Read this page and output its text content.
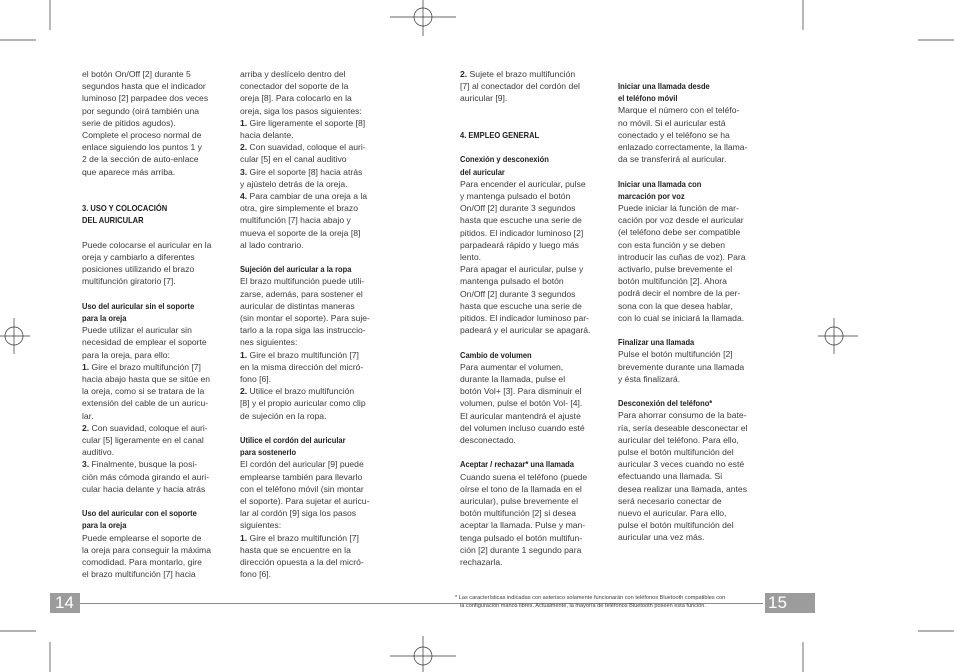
el botón On/Off [2] durante 5

segundos hasta que el indicador

luminoso [2] parpadee dos veces

por segundo (oirá también una

serie de pitidos agudos).

Complete el proceso normal de

enlace siguiendo los puntos 1 y

2 de la sección de auto-enlace

que aparece más arriba.

3. USO Y COLOCACIÓN
DEL AURICULAR

Puede colocarse el auricular en la

oreja y cambiarlo a diferentes

posiciones utilizando el brazo

multifunción giratorio [7].

Uso del auricular sin el soporte
para la oreja

Puede utilizar el auricular sin

necesidad de emplear el soporte

para la oreja, para ello:

1. Gire el brazo multifunción [7]

hacia abajo hasta que se sitúe en

la oreja, como si se tratara de la

extensión del cable de un auricu-

lar.

2. Con suavidad, coloque el auri-

cular [5] ligeramente en el canal

auditivo.

3. Finalmente, busque la posi-

ción más cómoda girando el auri-

cular hacia delante y hacia atrás

Uso del auricular con el soporte
para la oreja

Puede emplearse el soporte de

la oreja para conseguir la máxima

comodidad. Para montarlo, gire

el brazo multifunción [7] hacia

arriba y deslícelo dentro del

conectador del soporte de la

oreja [8]. Para colocarlo en la

oreja, siga los pasos siguientes:

1. Gire ligeramente el soporte [8]

hacia delante.

2. Con suavidad, coloque el auri-

cular [5] en el canal auditivo

3. Gire el soporte [8] hacia atrás

y ajústelo detrás de la oreja.

4. Para cambiar de una oreja a la

otra, gire simplemente el brazo

multifunción [7] hacia abajo y

mueva el soporte de la oreja [8]

al lado contrario.

Sujeción del auricular a la ropa

El brazo multifunción puede utili-

zarse, además, para sostener el

auricular de distintas maneras

(sin montar el soporte). Para suje-

tarlo a la ropa siga las instruccio-

nes siguientes:

1. Gire el brazo multifunción [7]

en la misma dirección del micró-

fono [6].

2. Utilice el brazo multifunción

[8] y el propio auricular como clip

de sujeción en la ropa.

Utilice el cordón del auricular
para sostenerlo

El cordón del auricular [9] puede

emplearse también para llevarlo

con el teléfono móvil (sin montar

el soporte). Para sujetar el auricu-

lar al cordón [9] siga los pasos

siguientes:

1. Gire el brazo multifunción [7]

hasta que se encuentre en la

dirección opuesta a la del micró-

fono [6].

2. Sujete el brazo multifunción

[7] al conectador del cordón del

auricular [9].

4. EMPLEO GENERAL
Conexión y desconexión
del auricular

Para encender el auricular, pulse

y mantenga pulsado el botón

On/Off [2] durante 3 segundos

hasta que escuche una serie de

pitidos. El indicador luminoso [2]

parpadeará rápido y luego más

lento.

Para apagar el auricular, pulse y

mantenga pulsado el botón

On/Off [2] durante 3 segundos

hasta que escuche una serie de

pitidos. El indicador luminoso par-

padeará y el auricular se apagará.

Cambio de volumen

Para aumentar el volumen,

durante la llamada, pulse el

botón Vol+ [3]. Para disminuir el

volumen, pulse el botón Vol- [4].

El auricular mantendrá el ajuste

del volumen incluso cuando esté

desconectado.

Aceptar / rechazar* una llamada

Cuando suena el teléfono (puede

oírse el tono de la llamada en el

auricular), pulse brevemente el

botón multifunción [2] si desea

aceptar la llamada. Pulse y man-

tenga pulsado el botón multifun-

ción [2] durante 1 segundo para

rechazarla.

Iniciar una llamada desde
el teléfono móvil

Marque el número con el teléfo-

no móvil. Si el auricular está

conectado y el teléfono se ha

enlazado correctamente, la llama-

da se transferirá al auricular.

Iniciar una llamada con
marcación por voz

Puede iniciar la función de mar-

cación por voz desde el auricular

(el teléfono debe ser compatible

con esta función y se deben

introducir las cuñas de voz). Para

activarlo, pulse brevemente el

botón multifunción [2]. Ahora

podrá decir el nombre de la per-

sona con la que desea hablar,

con lo cual se iniciará la llamada.

Finalizar una llamada

Pulse el botón multifunción [2]

brevemente durante una llamada

y ésta finalizará.

Desconexión del teléfono*

Para ahorrar consumo de la bate-

ría, sería deseable desconectar el

auricular del teléfono. Para ello,

pulse el botón multifunción del

auricular 3 veces cuando no esté

efectuando una llamada. Si

desea realizar una llamada, antes

será necesario conectar de

nuevo el auricular. Para ello,

pulse el botón multifunción del

auricular una vez más.

14	15
* Las características indicadas con asterisco solamente funcionarán con teléfonos Bluetooth compatibles con
la configuración manos libres. Actualmente, la mayoría de teléfonos Bluetooth poseen esta función.
